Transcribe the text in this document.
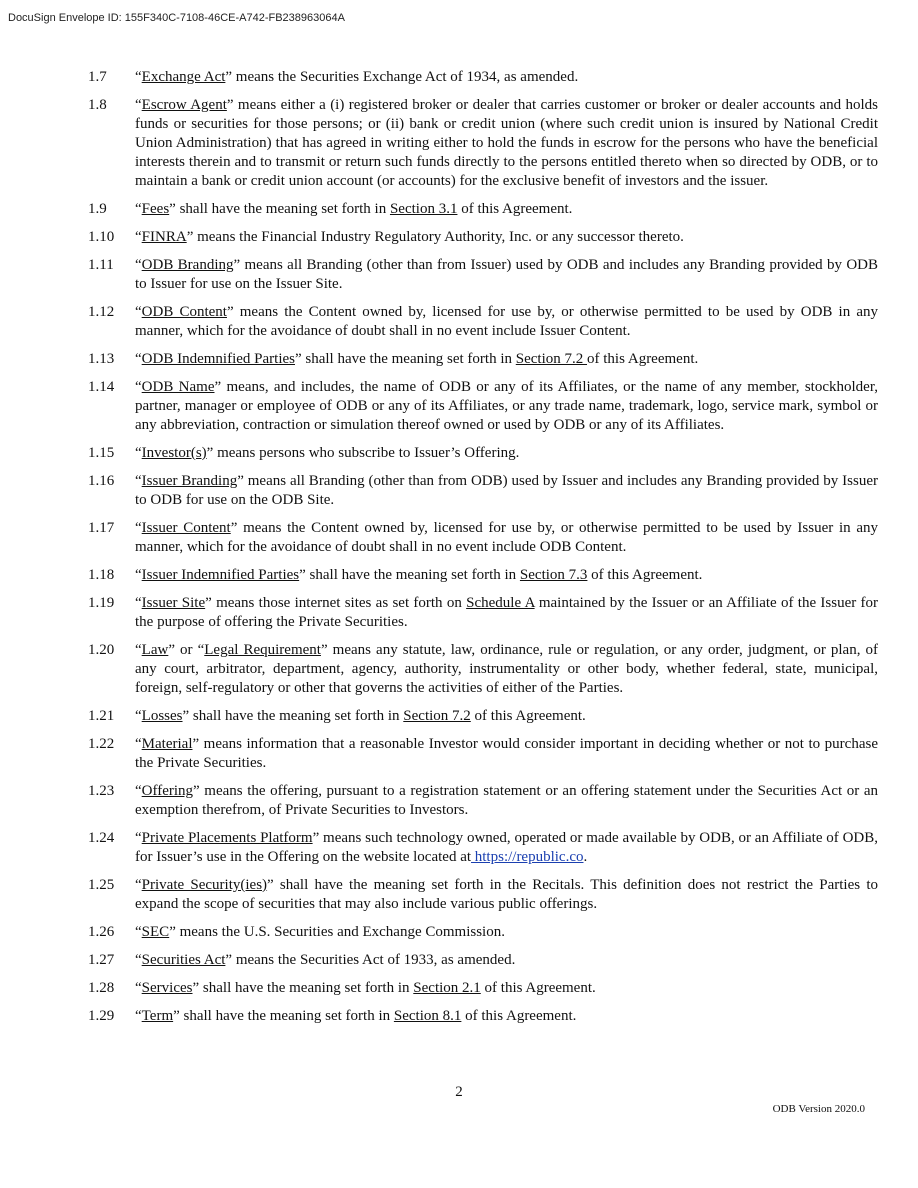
DocuSign Envelope ID: 155F340C-7108-46CE-A742-FB238963064A
1.7	“Exchange Act” means the Securities Exchange Act of 1934, as amended.
1.8	“Escrow Agent” means either a (i) registered broker or dealer that carries customer or broker or dealer accounts and holds funds or securities for those persons; or (ii) bank or credit union (where such credit union is insured by National Credit Union Administration) that has agreed in writing either to hold the funds in escrow for the persons who have the beneficial interests therein and to transmit or return such funds directly to the persons entitled thereto when so directed by ODB, or to maintain a bank or credit union account (or accounts) for the exclusive benefit of investors and the issuer.
1.9	“Fees” shall have the meaning set forth in Section 3.1 of this Agreement.
1.10	“FINRA” means the Financial Industry Regulatory Authority, Inc. or any successor thereto.
1.11	“ODB Branding” means all Branding (other than from Issuer) used by ODB and includes any Branding provided by ODB to Issuer for use on the Issuer Site.
1.12	“ODB Content” means the Content owned by, licensed for use by, or otherwise permitted to be used by ODB in any manner, which for the avoidance of doubt shall in no event include Issuer Content.
1.13	“ODB Indemnified Parties” shall have the meaning set forth in Section 7.2 of this Agreement.
1.14	“ODB Name” means, and includes, the name of ODB or any of its Affiliates, or the name of any member, stockholder, partner, manager or employee of ODB or any of its Affiliates, or any trade name, trademark, logo, service mark, symbol or any abbreviation, contraction or simulation thereof owned or used by ODB or any of its Affiliates.
1.15	“Investor(s)” means persons who subscribe to Issuer’s Offering.
1.16	“Issuer Branding” means all Branding (other than from ODB) used by Issuer and includes any Branding provided by Issuer to ODB for use on the ODB Site.
1.17	“Issuer Content” means the Content owned by, licensed for use by, or otherwise permitted to be used by Issuer in any manner, which for the avoidance of doubt shall in no event include ODB Content.
1.18	“Issuer Indemnified Parties” shall have the meaning set forth in Section 7.3 of this Agreement.
1.19	“Issuer Site” means those internet sites as set forth on Schedule A maintained by the Issuer or an Affiliate of the Issuer for the purpose of offering the Private Securities.
1.20	“Law” or “Legal Requirement” means any statute, law, ordinance, rule or regulation, or any order, judgment, or plan, of any court, arbitrator, department, agency, authority, instrumentality or other body, whether federal, state, municipal, foreign, self-regulatory or other that governs the activities of either of the Parties.
1.21	“Losses” shall have the meaning set forth in Section 7.2 of this Agreement.
1.22	“Material” means information that a reasonable Investor would consider important in deciding whether or not to purchase the Private Securities.
1.23	“Offering” means the offering, pursuant to a registration statement or an offering statement under the Securities Act or an exemption therefrom, of Private Securities to Investors.
1.24	“Private Placements Platform” means such technology owned, operated or made available by ODB, or an Affiliate of ODB, for Issuer’s use in the Offering on the website located at https://republic.co.
1.25	“Private Security(ies)” shall have the meaning set forth in the Recitals. This definition does not restrict the Parties to expand the scope of securities that may also include various public offerings.
1.26	“SEC” means the U.S. Securities and Exchange Commission.
1.27	“Securities Act” means the Securities Act of 1933, as amended.
1.28	“Services” shall have the meaning set forth in Section 2.1 of this Agreement.
1.29	“Term” shall have the meaning set forth in Section 8.1 of this Agreement.
2
ODB Version 2020.0
